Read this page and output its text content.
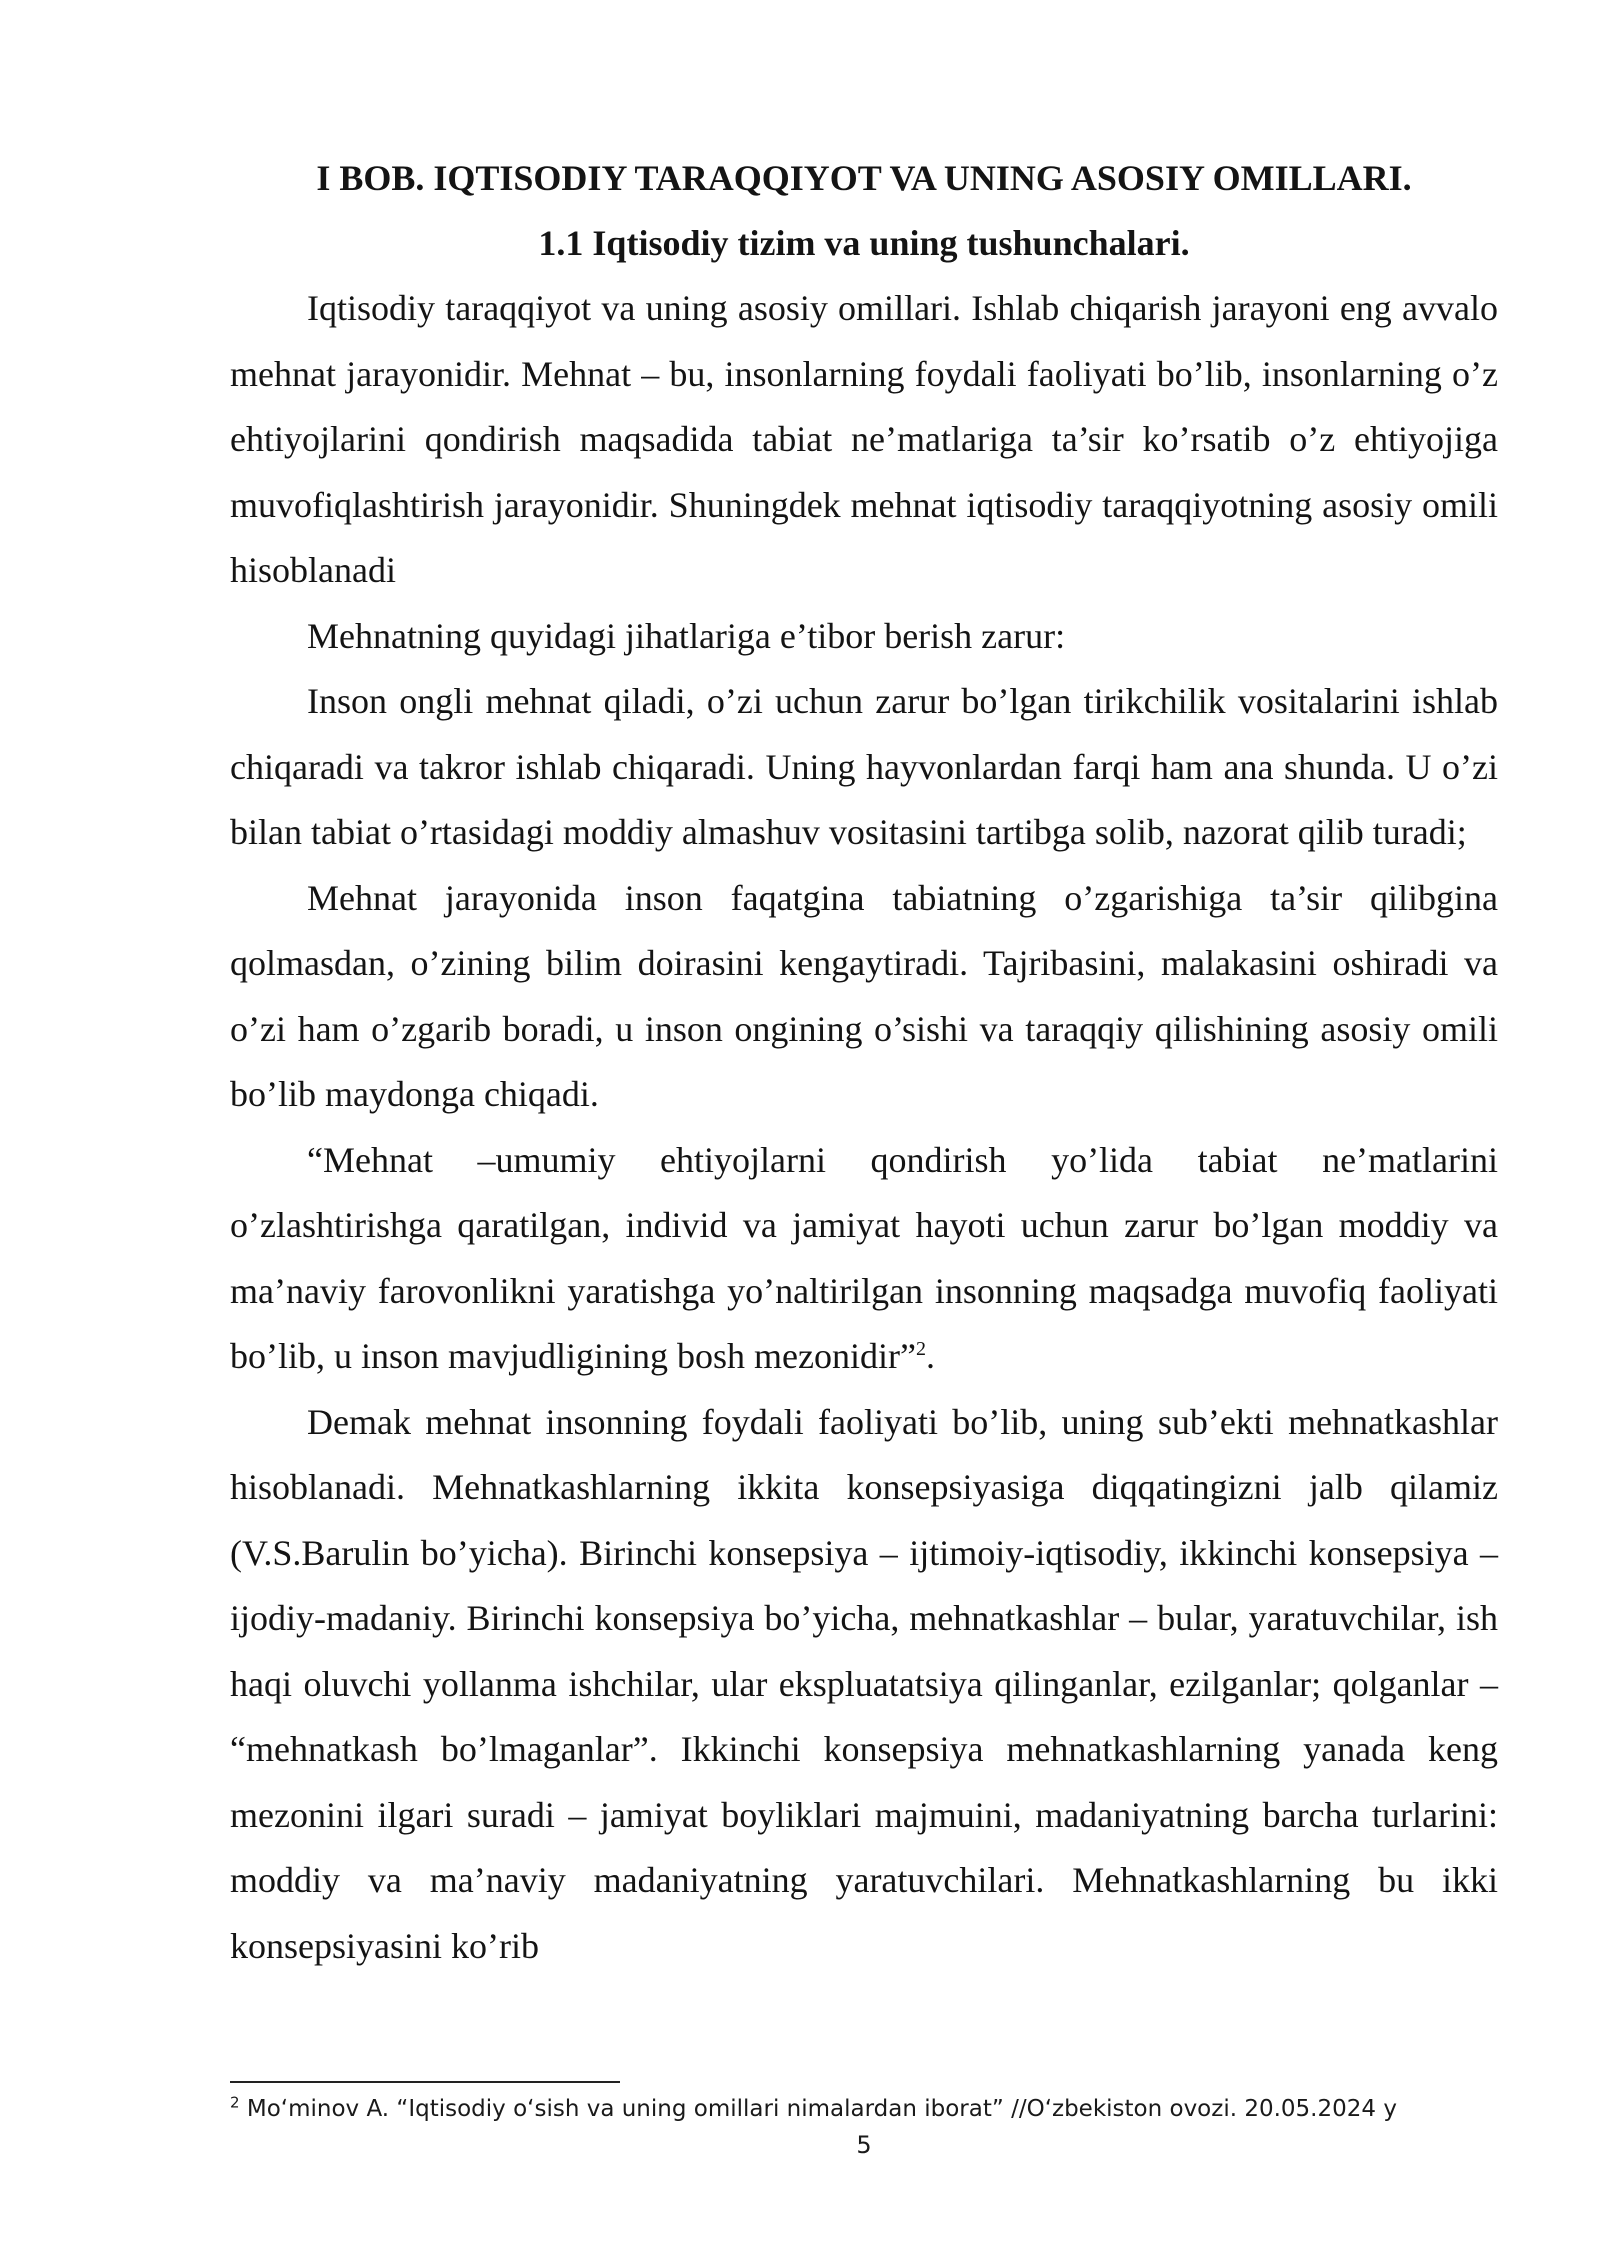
I BOB. IQTISODIY TARAQQIYOT VA UNING ASOSIY OMILLARI.

1.1 Iqtisodiy tizim va uning tushunchalari.

Iqtisodiy taraqqiyot va uning asosiy omillari. Ishlab chiqarish jarayoni eng avvalo mehnat jarayonidir. Mehnat – bu, insonlarning foydali faoliyati bo’lib, insonlarning o’z ehtiyojlarini qondirish maqsadida tabiat ne’matlariga ta’sir ko’rsatib o’z ehtiyojiga muvofiqlashtirish jarayonidir. Shuningdek mehnat iqtisodiy taraqqiyotning asosiy omili hisoblanadi

Mehnatning quyidagi jihatlariga e’tibor berish zarur:

Inson ongli mehnat qiladi, o’zi uchun zarur bo’lgan tirikchilik vositalarini ishlab chiqaradi va takror ishlab chiqaradi. Uning hayvonlardan farqi ham ana shunda. U o’zi bilan tabiat o’rtasidagi moddiy almashuv vositasini tartibga solib, nazorat qilib turadi;

Mehnat jarayonida inson faqatgina tabiatning o’zgarishiga ta’sir qilibgina qolmasdan, o’zining bilim doirasini kengaytiradi. Tajribasini, malakasini oshiradi va o’zi ham o’zgarib boradi, u inson ongining o’sishi va taraqqiy qilishining asosiy omili bo’lib maydonga chiqadi.

“Mehnat –umumiy ehtiyojlarni qondirish yo’lida tabiat ne’matlarini o’zlashtirishga qaratilgan, individ va jamiyat hayoti uchun zarur bo’lgan moddiy va ma’naviy farovonlikni yaratishga yo’naltirilgan insonning maqsadga muvofiq faoliyati bo’lib, u inson mavjudligining bosh mezonidir”$^2$.

Demak mehnat insonning foydali faoliyati bo’lib, uning sub’ekti mehnatkashlar hisoblanadi. Mehnatkashlarning ikkita konsepsiyasiga diqqatingizni jalb qilamiz (V.S.Barulin bo’yicha). Birinchi konsepsiya – ijtimoiy-iqtisodiy, ikkinchi konsepsiya – ijodiy-madaniy. Birinchi konsepsiya bo’yicha, mehnatkashlar – bular, yaratuvchilar, ish haqi oluvchi yollanma ishchilar, ular ekspluatatsiya qilinganlar, ezilganlar; qolganlar – “mehnatkash bo’lmaganlar”. Ikkinchi konsepsiya mehnatkashlarning yanada keng mezonini ilgari suradi – jamiyat boyliklari majmuini, madaniyatning barcha turlarini: moddiy va ma’naviy madaniyatning yaratuvchilari. Mehnatkashlarning bu ikki konsepsiyasini ko’rib

$^2$ Moʻminov A. “Iqtisodiy oʻsish va uning omillari nimalardan iborat” //Oʻzbekiston ovozi. 20.05.2024 y
5
